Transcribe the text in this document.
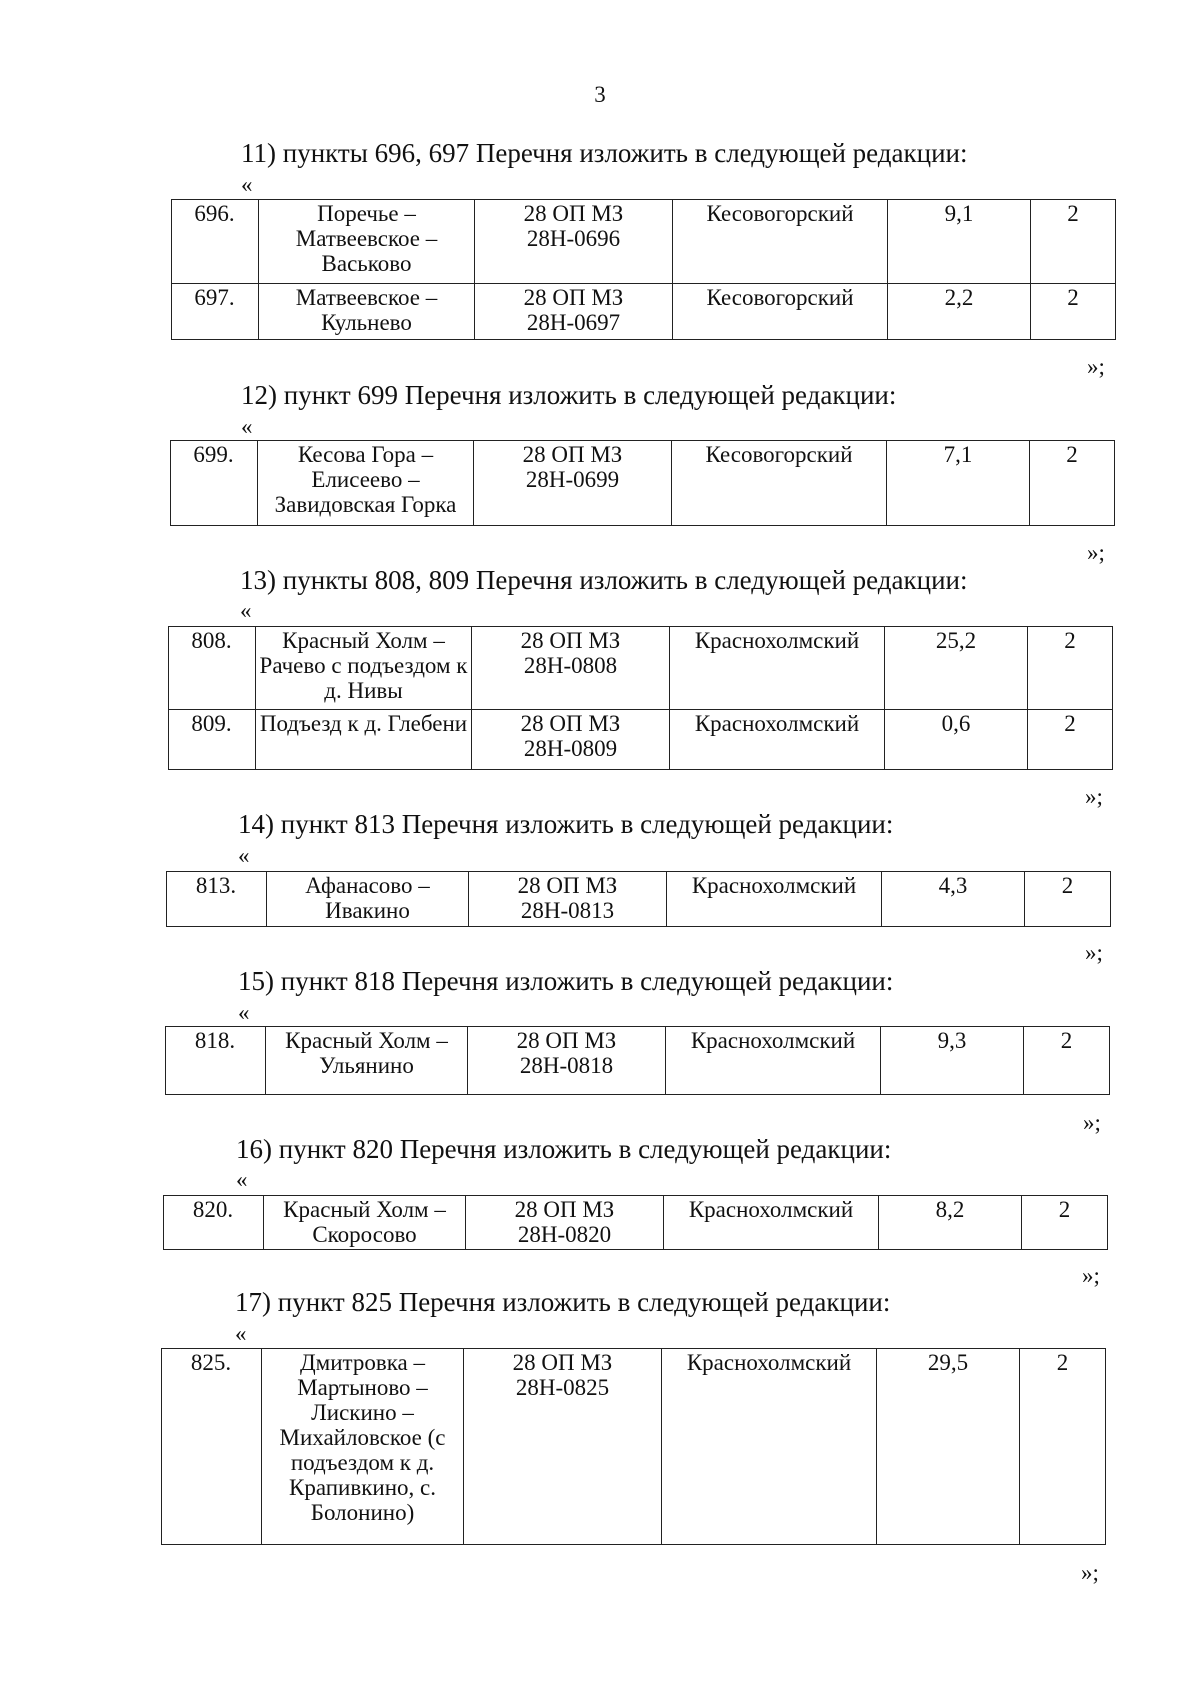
3
11) пункты 696, 697 Перечня изложить в следующей редакции:
«
696.	Поречье – Матвеевское – Васьково	28 ОП МЗ 28Н-0696	Кесовогорский	9,1	2
697.	Матвеевское – Кульнево	28 ОП МЗ 28Н-0697	Кесовогорский	2,2	2
»;
12) пункт 699 Перечня изложить в следующей редакции:
«
699.	Кесова Гора – Елисеево – Завидовская Горка	28 ОП МЗ 28Н-0699	Кесовогорский	7,1	2
»;
13) пункты 808, 809 Перечня изложить в следующей редакции:
«
808.	Красный Холм – Рачево с подъездом к д. Нивы	28 ОП МЗ 28Н-0808	Краснохолмский	25,2	2
809.	Подъезд к д. Глебени	28 ОП МЗ 28Н-0809	Краснохолмский	0,6	2
»;
14) пункт 813 Перечня изложить в следующей редакции:
«
813.	Афанасово – Ивакино	28 ОП МЗ 28Н-0813	Краснохолмский	4,3	2
»;
15) пункт 818 Перечня изложить в следующей редакции:
«
818.	Красный Холм – Ульянино	28 ОП МЗ 28Н-0818	Краснохолмский	9,3	2
»;
16) пункт 820 Перечня изложить в следующей редакции:
«
820.	Красный Холм – Скоросово	28 ОП МЗ 28Н-0820	Краснохолмский	8,2	2
»;
17) пункт 825 Перечня изложить в следующей редакции:
«
825.	Дмитровка – Мартыново – Лискино – Михайловское (с подъездом к д. Крапивкино, с. Болонино)	28 ОП МЗ 28Н-0825	Краснохолмский	29,5	2
»;
